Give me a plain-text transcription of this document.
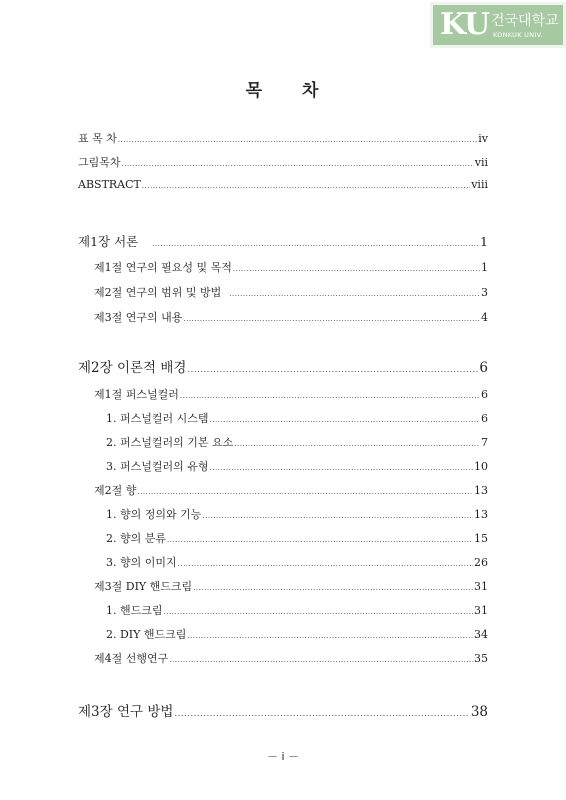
KU 건국대학교
KONKUK UNIV.
목 차
표 목 차 .....	iv
그림목차 .....	vii
ABSTRACT .....	viii
제1장 서론 .....	1
제1절 연구의 필요성 및 목적 .....	1
제2절 연구의 범위 및 방법 .....	3
제3절 연구의 내용 .....	4
제2장 이론적 배경 .....	6
제1절 퍼스널컬러 .....	6
1. 퍼스널컬러 시스템 .....	6
2. 퍼스널컬러의 기본 요소 .....	7
3. 퍼스널컬러의 유형 .....	10
제2절 향 .....	13
1. 향의 정의와 기능 .....	13
2. 향의 분류 .....	15
3. 향의 이미지 .....	26
제3절 DIY 핸드크림 .....	31
1. 핸드크림 .....	31
2. DIY 핸드크림 .....	34
제4절 선행연구 .....	35
제3장 연구 방법 .....	38
－ i －
